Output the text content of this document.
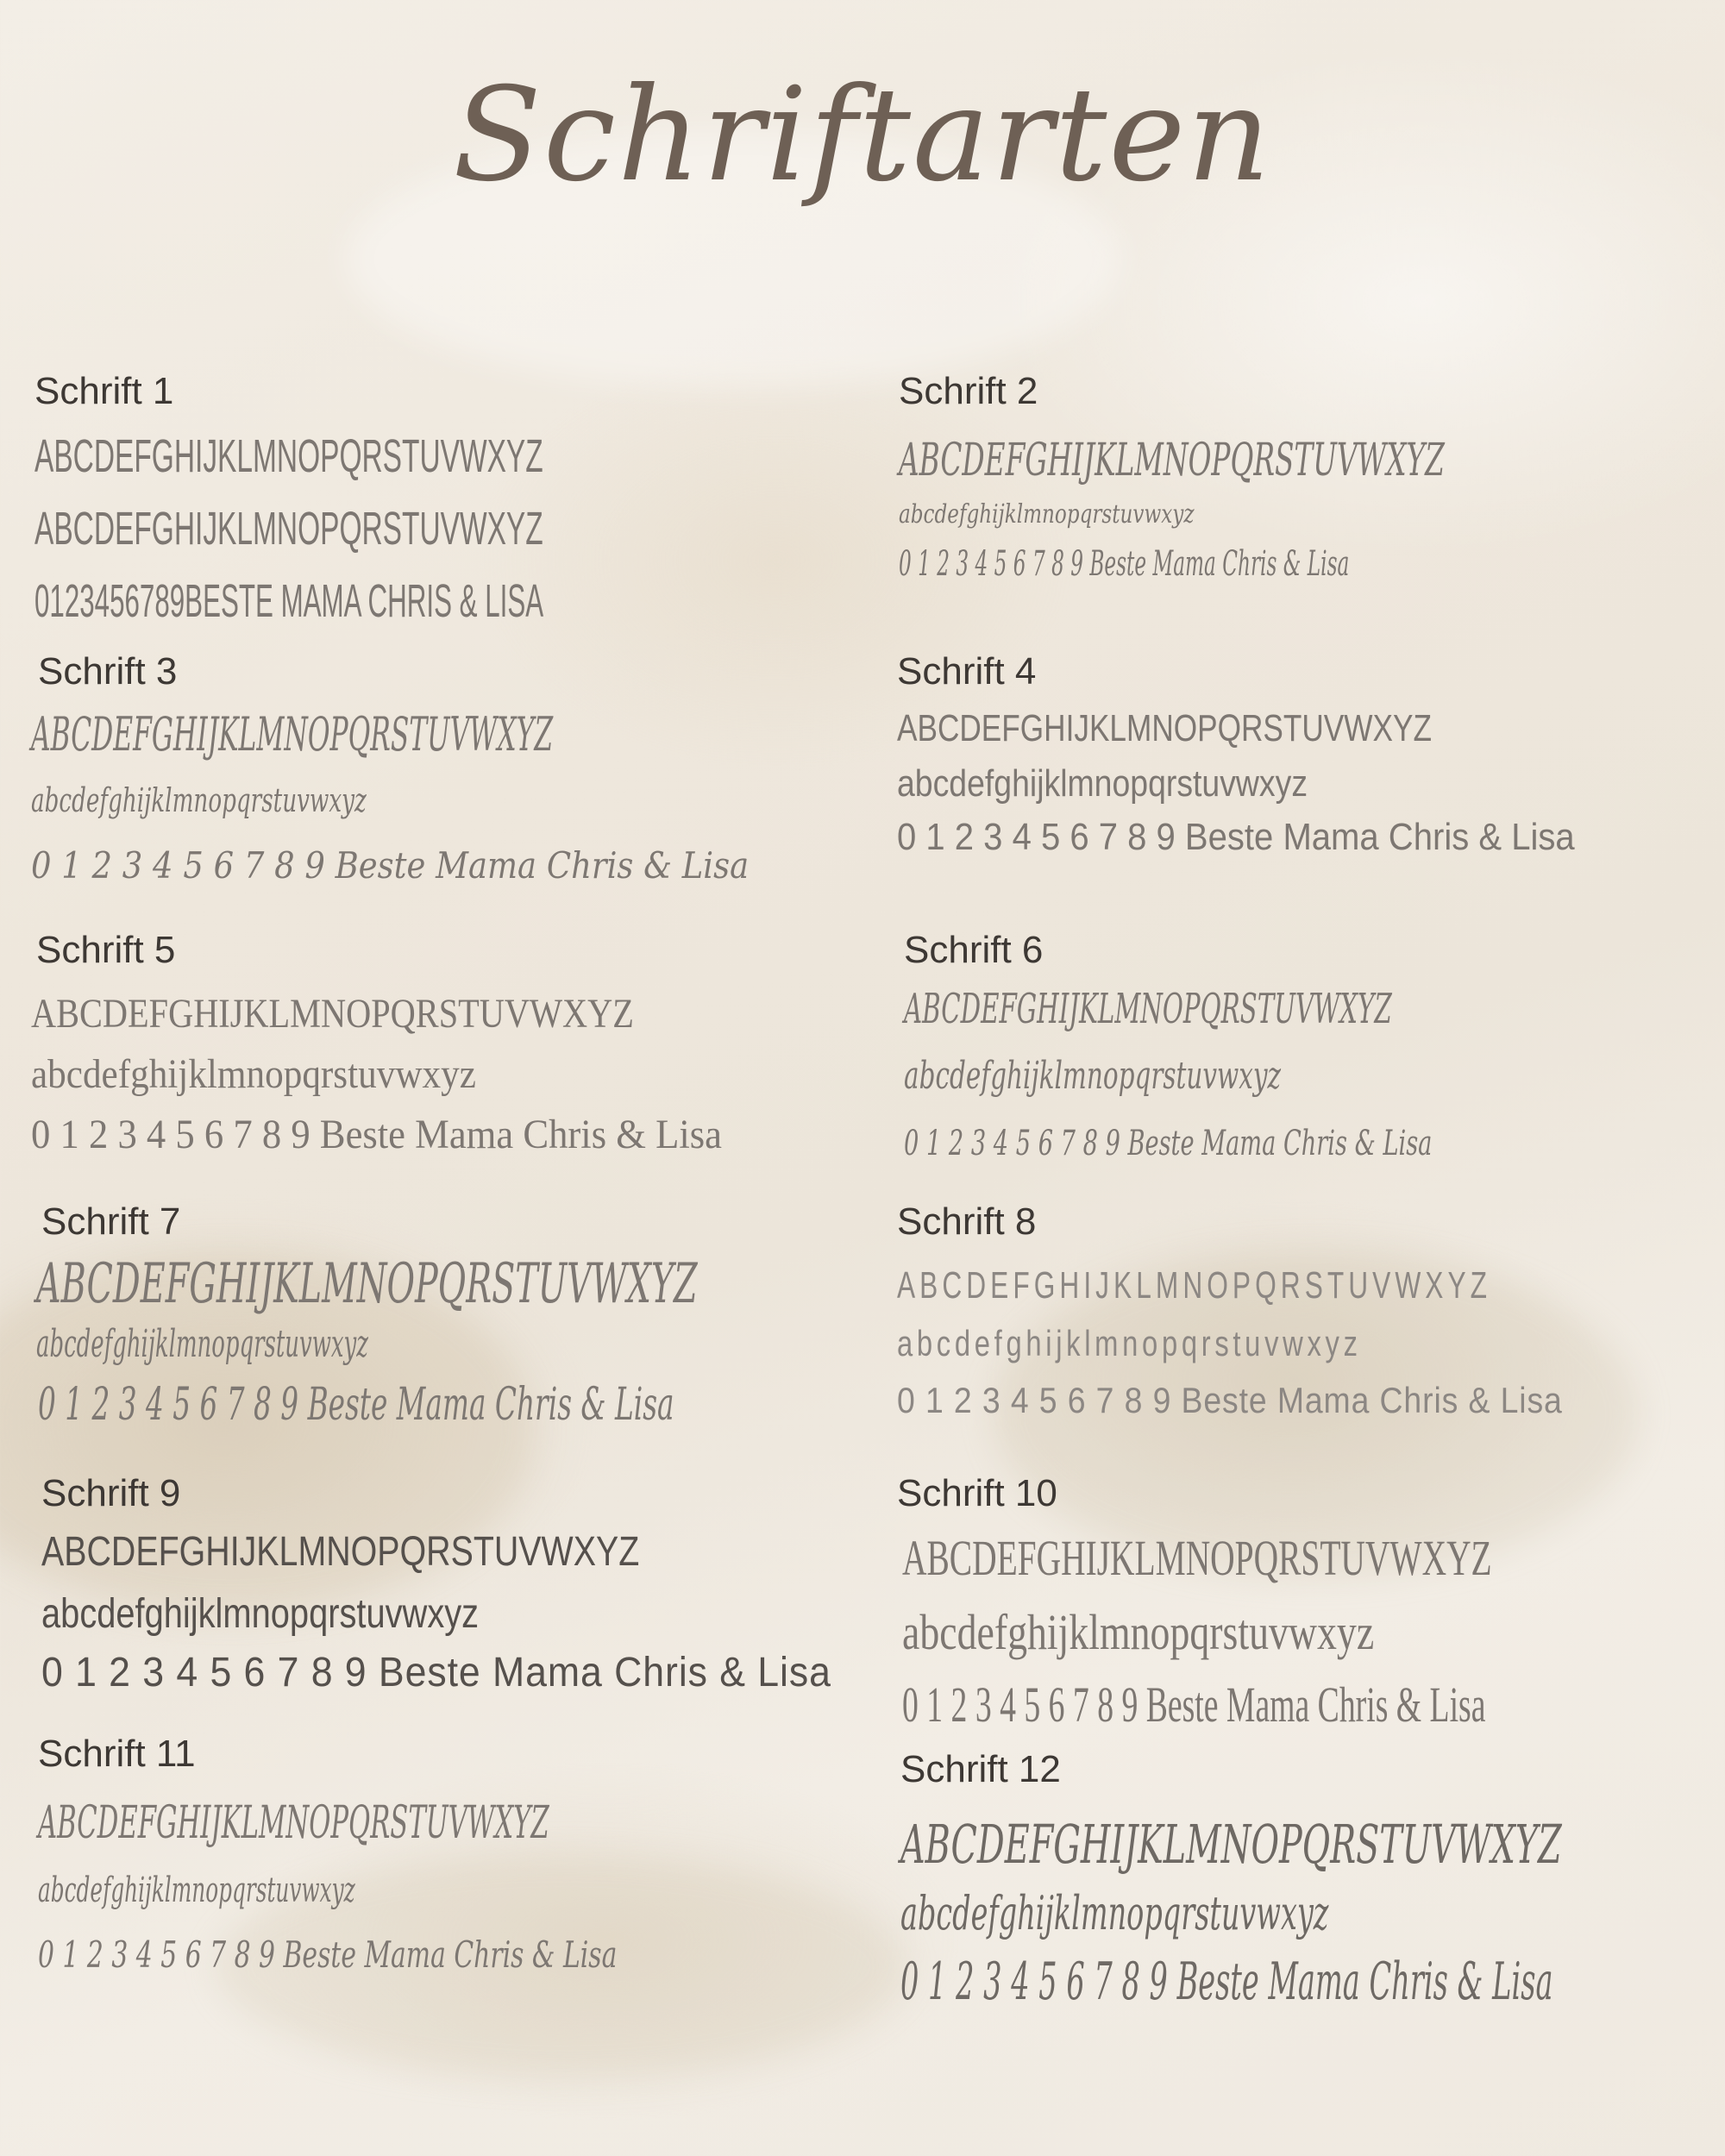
Schriftarten
Schrift 1
ABCDEFGHIJKLMNOPQRSTUVWXYZ
ABCDEFGHIJKLMNOPQRSTUVWXYZ
0123456789BESTE MAMA CHRIS & LISA
Schrift 2
ABCDEFGHIJKLMNOPQRSTUVWXYZ
abcdefghijklmnopqrstuvwxyz
0 1 2 3 4 5 6 7 8 9 Beste Mama Chris & Lisa
Schrift 3
ABCDEFGHIJKLMNOPQRSTUVWXYZ
abcdefghijklmnopqrstuvwxyz
0 1 2 3 4 5 6 7 8 9 Beste Mama Chris & Lisa
Schrift 4
ABCDEFGHIJKLMNOPQRSTUVWXYZ
abcdefghijklmnopqrstuvwxyz
0 1 2 3 4 5 6 7 8 9 Beste Mama Chris & Lisa
Schrift 5
ABCDEFGHIJKLMNOPQRSTUVWXYZ
abcdefghijklmnopqrstuvwxyz
0 1 2 3 4 5 6 7 8 9 Beste Mama Chris & Lisa
Schrift 6
ABCDEFGHIJKLMNOPQRSTUVWXYZ
abcdefghijklmnopqrstuvwxyz
0 1 2 3 4 5 6 7 8 9 Beste Mama Chris & Lisa
Schrift 7
ABCDEFGHIJKLMNOPQRSTUVWXYZ
abcdefghijklmnopqrstuvwxyz
0 1 2 3 4 5 6 7 8 9 Beste Mama Chris & Lisa
Schrift 8
ABCDEFGHIJKLMNOPQRSTUVWXYZ
abcdefghijklmnopqrstuvwxyz
0 1 2 3 4 5 6 7 8 9 Beste Mama Chris & Lisa
Schrift 9
ABCDEFGHIJKLMNOPQRSTUVWXYZ
abcdefghijklmnopqrstuvwxyz
0 1 2 3 4 5 6 7 8 9 Beste Mama Chris & Lisa
Schrift 10
ABCDEFGHIJKLMNOPQRSTUVWXYZ
abcdefghijklmnopqrstuvwxyz
0 1 2 3 4 5 6 7 8 9 Beste Mama Chris & Lisa
Schrift 11
ABCDEFGHIJKLMNOPQRSTUVWXYZ
abcdefghijklmnopqrstuvwxyz
0 1 2 3 4 5 6 7 8 9 Beste Mama Chris & Lisa
Schrift 12
ABCDEFGHIJKLMNOPQRSTUVWXYZ
abcdefghijklmnopqrstuvwxyz
0 1 2 3 4 5 6 7 8 9 Beste Mama Chris & Lisa
